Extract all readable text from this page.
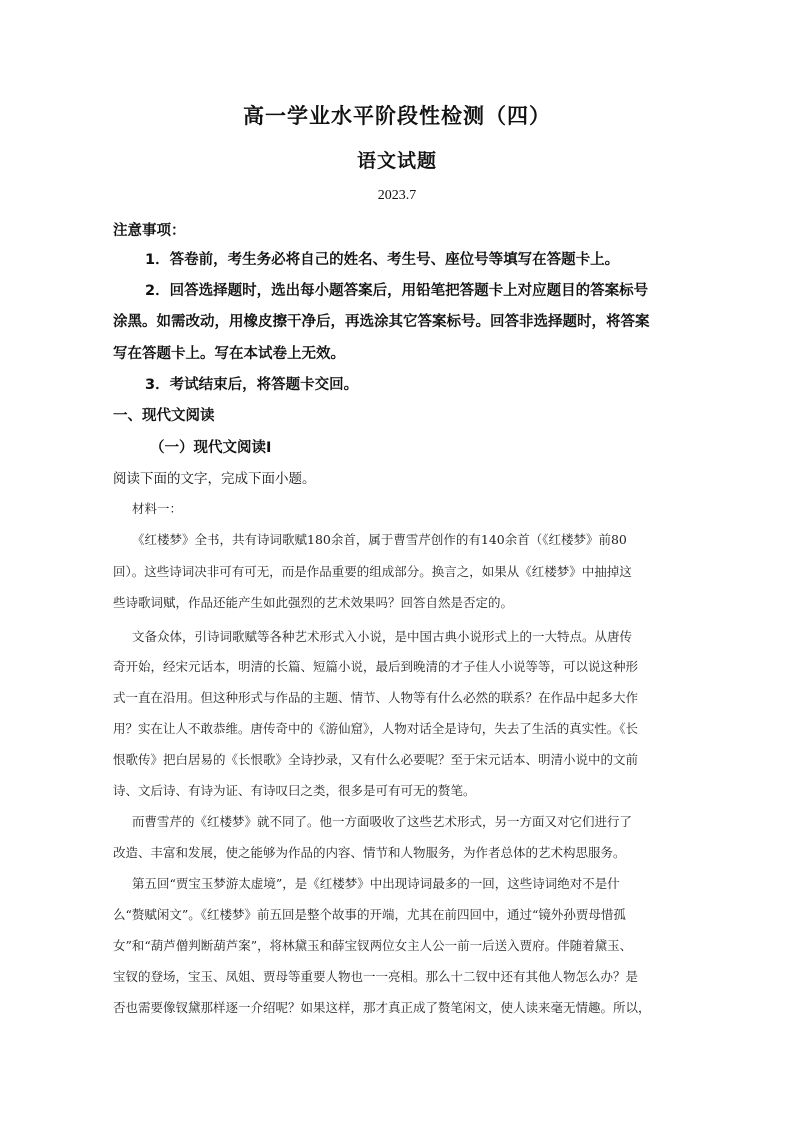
高一学业水平阶段性检测（四）
语文试题
2023.7
注意事项：
1．答卷前，考生务必将自己的姓名、考生号、座位号等填写在答题卡上。
2．回答选择题时，选出每小题答案后，用铅笔把答题卡上对应题目的答案标号
涂黑。如需改动，用橡皮擦干净后，再选涂其它答案标号。回答非选择题时，将答案
写在答题卡上。写在本试卷上无效。
3．考试结束后，将答题卡交回。
一、现代文阅读
（一）现代文阅读Ⅰ
阅读下面的文字，完成下面小题。
材料一：
《红楼梦》全书，共有诗词歌赋180余首，属于曹雪芹创作的有140余首（《红楼梦》前80
回）。这些诗词决非可有可无，而是作品重要的组成部分。换言之，如果从《红楼梦》中抽掉这
些诗歌词赋，作品还能产生如此强烈的艺术效果吗？回答自然是否定的。
文备众体，引诗词歌赋等各种艺术形式入小说，是中国古典小说形式上的一大特点。从唐传
奇开始，经宋元话本，明清的长篇、短篇小说，最后到晚清的才子佳人小说等等，可以说这种形
式一直在沿用。但这种形式与作品的主题、情节、人物等有什么必然的联系？在作品中起多大作
用？实在让人不敢恭维。唐传奇中的《游仙窟》，人物对话全是诗句，失去了生活的真实性。《长
恨歌传》把白居易的《长恨歌》全诗抄录，又有什么必要呢？至于宋元话本、明清小说中的文前
诗、文后诗、有诗为证、有诗叹曰之类，很多是可有可无的赘笔。
而曹雪芹的《红楼梦》就不同了。他一方面吸收了这些艺术形式，另一方面又对它们进行了
改造、丰富和发展，使之能够为作品的内容、情节和人物服务，为作者总体的艺术构思服务。
第五回“贾宝玉梦游太虚境”，是《红楼梦》中出现诗词最多的一回，这些诗词绝对不是什
么“赘赋闲文”。《红楼梦》前五回是整个故事的开端，尤其在前四回中，通过“镜外孙贾母惜孤
女”和“葫芦僧判断葫芦案”，将林黛玉和薛宝钗两位女主人公一前一后送入贾府。伴随着黛玉、
宝钗的登场，宝玉、凤姐、贾母等重要人物也一一亮相。那么十二钗中还有其他人物怎么办？是
否也需要像钗黛那样逐一介绍呢？如果这样，那才真正成了赘笔闲文，使人读来毫无情趣。所以，
